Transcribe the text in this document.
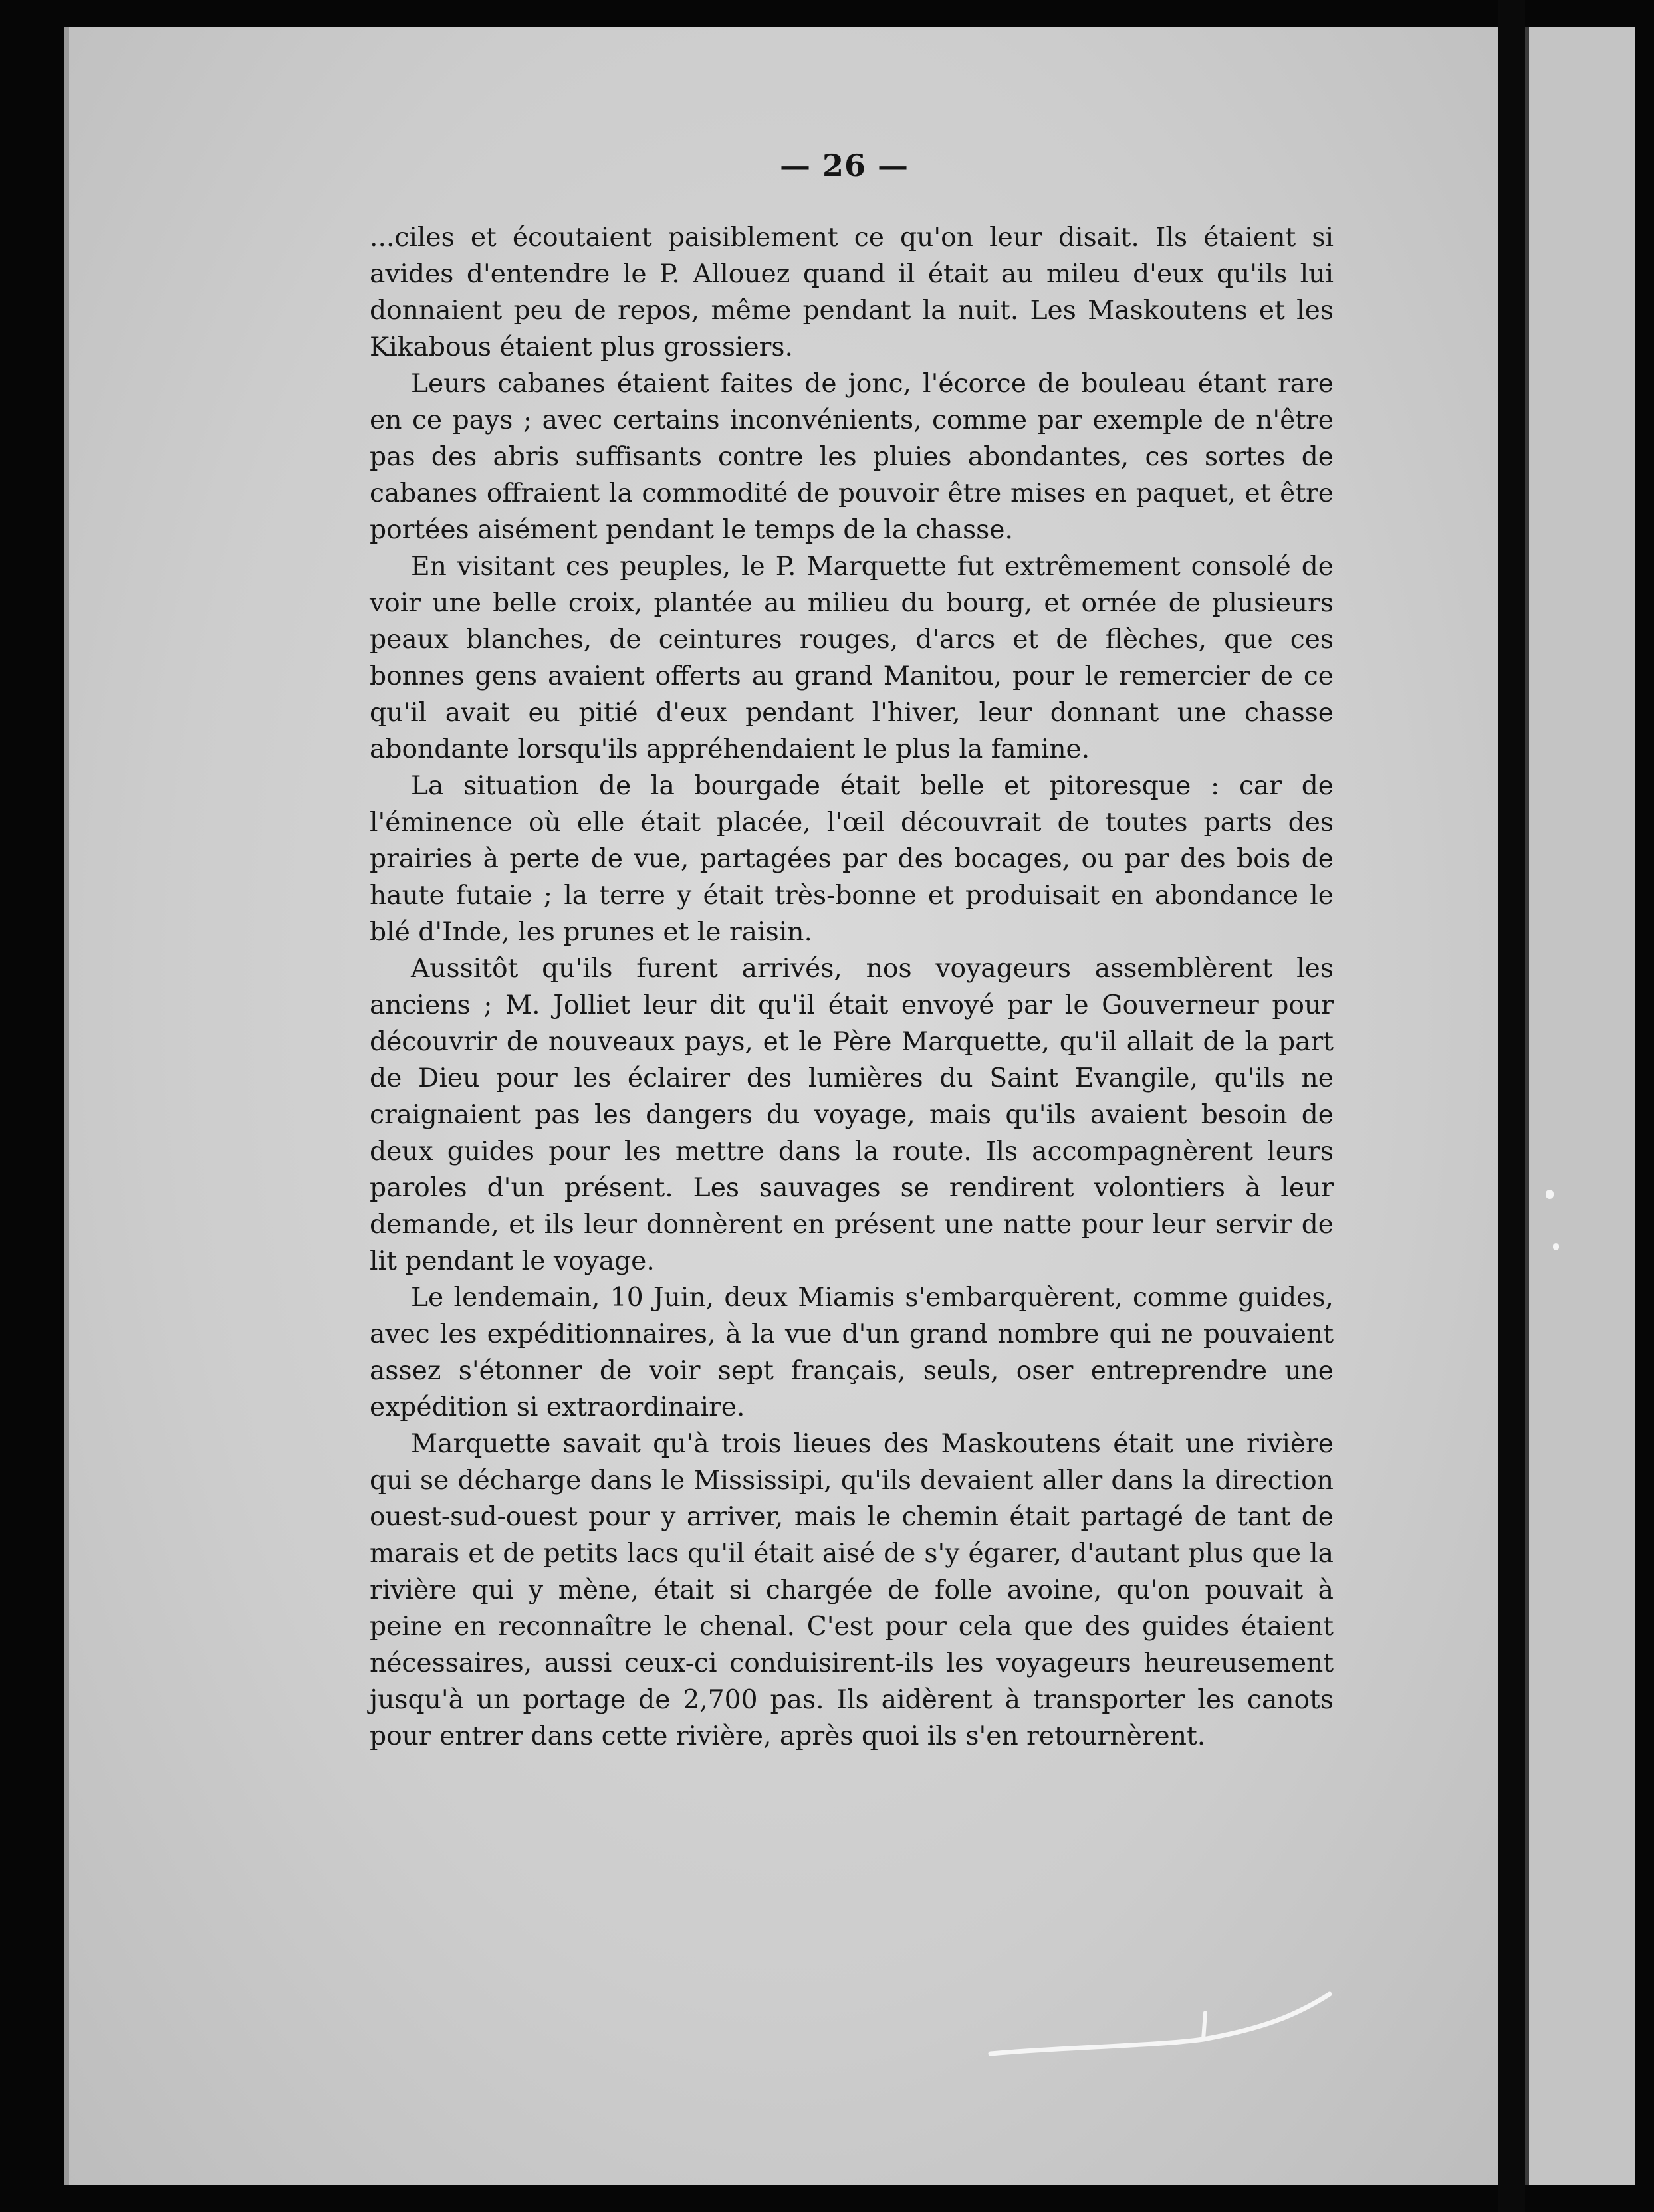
— 26 —

...ciles et écoutaient paisiblement ce qu'on leur disait. Ils étaient si avides d'entendre le P. Allouez quand il était au mileu d'eux qu'ils lui donnaient peu de repos, même pendant la nuit. Les Maskoutens et les Kikabous étaient plus grossiers.

Leurs cabanes étaient faites de jonc, l'écorce de bouleau étant rare en ce pays ; avec certains inconvénients, comme par exemple de n'être pas des abris suffisants contre les pluies abondantes, ces sortes de cabanes offraient la commodité de pouvoir être mises en paquet, et être portées aisément pendant le temps de la chasse.

En visitant ces peuples, le P. Marquette fut extrêmement consolé de voir une belle croix, plantée au milieu du bourg, et ornée de plusieurs peaux blanches, de ceintures rouges, d'arcs et de flèches, que ces bonnes gens avaient offerts au grand Manitou, pour le remercier de ce qu'il avait eu pitié d'eux pendant l'hiver, leur donnant une chasse abondante lorsqu'ils appréhendaient le plus la famine.

La situation de la bourgade était belle et pitoresque : car de l'éminence où elle était placée, l'œil découvrait de toutes parts des prairies à perte de vue, partagées par des bocages, ou par des bois de haute futaie ; la terre y était très-bonne et produisait en abondance le blé d'Inde, les prunes et le raisin.

Aussitôt qu'ils furent arrivés, nos voyageurs assemblèrent les anciens ; M. Jolliet leur dit qu'il était envoyé par le Gouverneur pour découvrir de nouveaux pays, et le Père Marquette, qu'il allait de la part de Dieu pour les éclairer des lumières du Saint Evangile, qu'ils ne craignaient pas les dangers du voyage, mais qu'ils avaient besoin de deux guides pour les mettre dans la route. Ils accompagnèrent leurs paroles d'un présent. Les sauvages se rendirent volontiers à leur demande, et ils leur donnèrent en présent une natte pour leur servir de lit pendant le voyage.

Le lendemain, 10 Juin, deux Miamis s'embarquèrent, comme guides, avec les expéditionnaires, à la vue d'un grand nombre qui ne pouvaient assez s'étonner de voir sept français, seuls, oser entreprendre une expédition si extraordinaire.

Marquette savait qu'à trois lieues des Maskoutens était une rivière qui se décharge dans le Mississipi, qu'ils devaient aller dans la direction ouest-sud-ouest pour y arriver, mais le chemin était partagé de tant de marais et de petits lacs qu'il était aisé de s'y égarer, d'autant plus que la rivière qui y mène, était si chargée de folle avoine, qu'on pouvait à peine en reconnaître le chenal. C'est pour cela que des guides étaient nécessaires, aussi ceux-ci conduisirent-ils les voyageurs heureusement jusqu'à un portage de 2,700 pas. Ils aidèrent à transporter les canots pour entrer dans cette rivière, après quoi ils s'en retournèrent.
